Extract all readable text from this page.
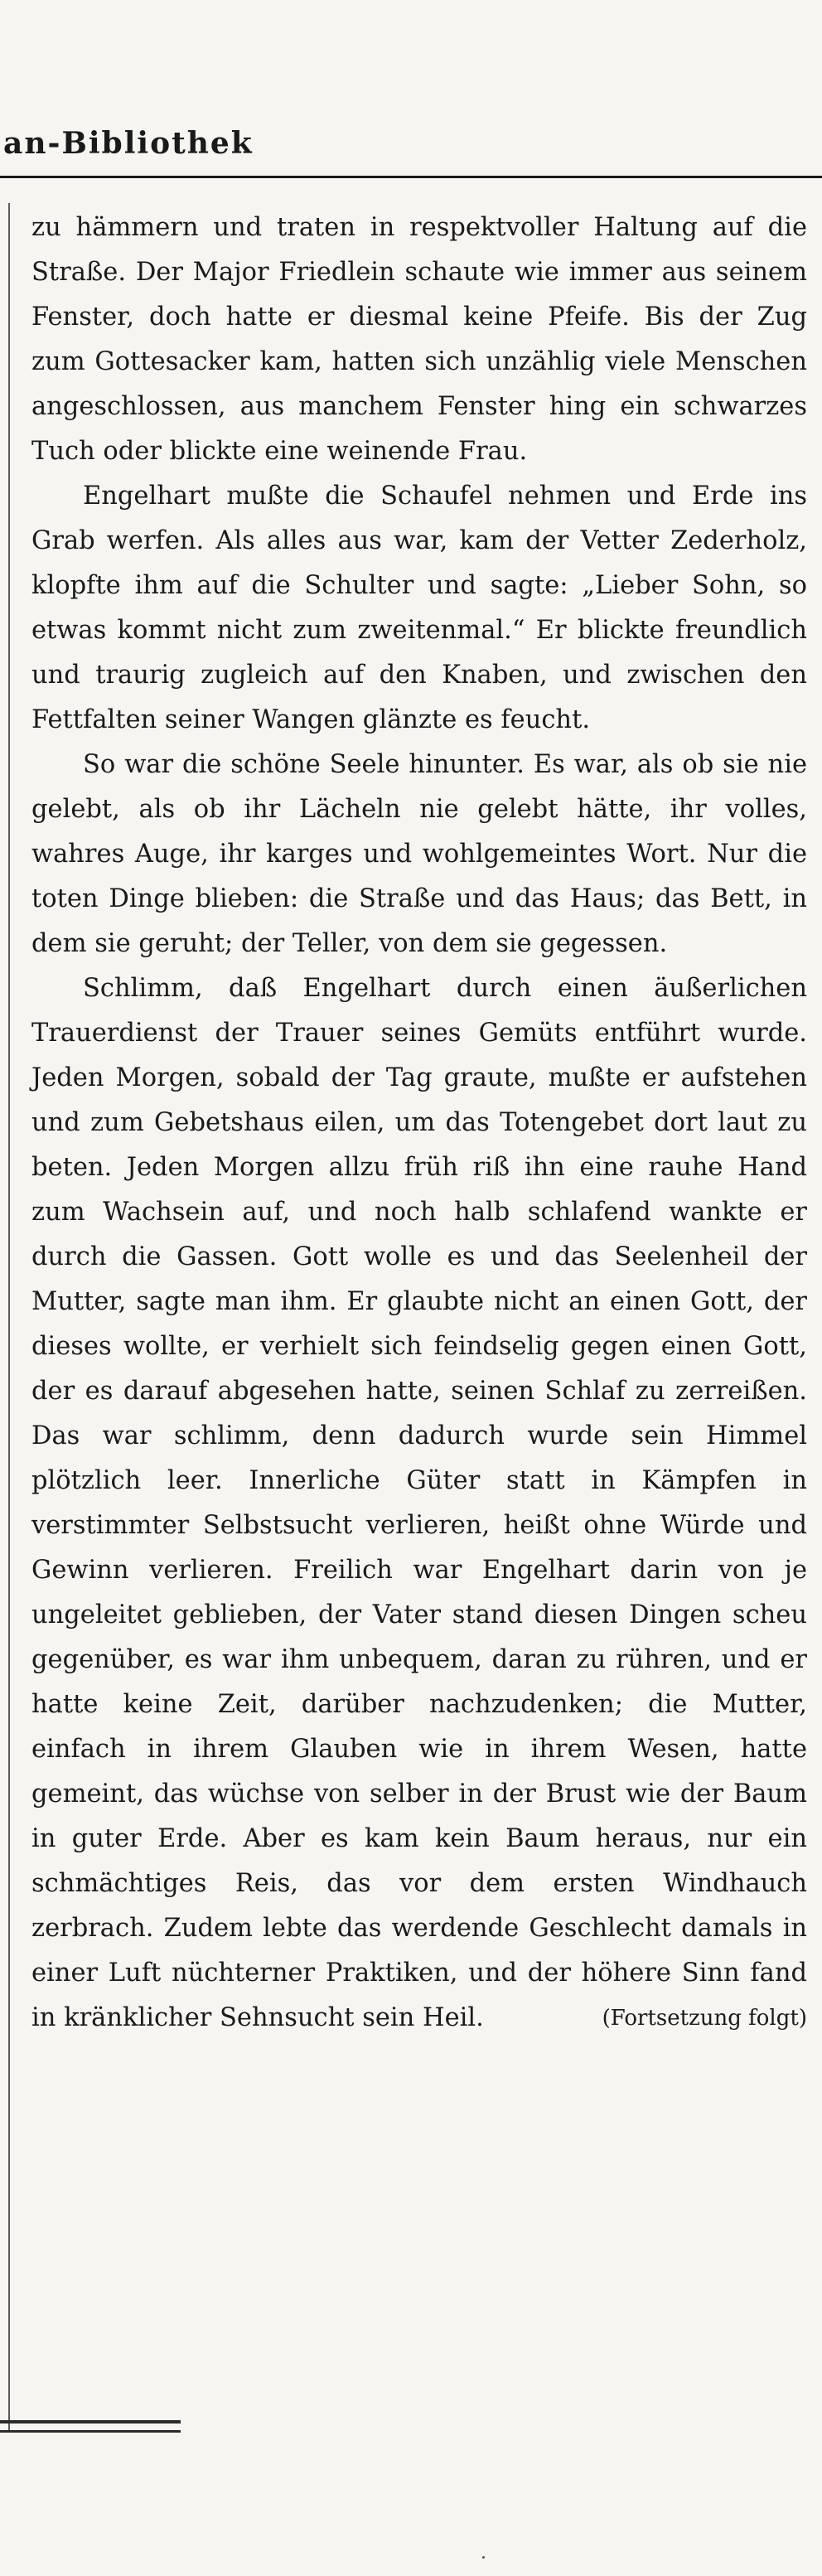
an-Bibliothek

zu hämmern und traten in respektvoller Haltung auf die Straße. Der Major Friedlein schaute wie immer aus seinem Fenster, doch hatte er diesmal keine Pfeife. Bis der Zug zum Gottesacker kam, hatten sich unzählig viele Menschen angeschlossen, aus manchem Fenster hing ein schwarzes Tuch oder blickte eine weinende Frau.

Engelhart mußte die Schaufel nehmen und Erde ins Grab werfen. Als alles aus war, kam der Vetter Zederholz, klopfte ihm auf die Schulter und sagte: „Lieber Sohn, so etwas kommt nicht zum zweitenmal.“ Er blickte freundlich und traurig zugleich auf den Knaben, und zwischen den Fettfalten seiner Wangen glänzte es feucht.

So war die schöne Seele hinunter. Es war, als ob sie nie gelebt, als ob ihr Lächeln nie gelebt hätte, ihr volles, wahres Auge, ihr karges und wohlgemeintes Wort. Nur die toten Dinge blieben: die Straße und das Haus; das Bett, in dem sie geruht; der Teller, von dem sie gegessen.

Schlimm, daß Engelhart durch einen äußerlichen Trauerdienst der Trauer seines Gemüts entführt wurde. Jeden Morgen, sobald der Tag graute, mußte er aufstehen und zum Gebetshaus eilen, um das Totengebet dort laut zu beten. Jeden Morgen allzu früh riß ihn eine rauhe Hand zum Wachsein auf, und noch halb schlafend wankte er durch die Gassen. Gott wolle es und das Seelenheil der Mutter, sagte man ihm. Er glaubte nicht an einen Gott, der dieses wollte, er verhielt sich feindselig gegen einen Gott, der es darauf abgesehen hatte, seinen Schlaf zu zerreißen. Das war schlimm, denn dadurch wurde sein Himmel plötzlich leer. Innerliche Güter statt in Kämpfen in verstimmter Selbstsucht verlieren, heißt ohne Würde und Gewinn verlieren. Freilich war Engelhart darin von je ungeleitet geblieben, der Vater stand diesen Dingen scheu gegenüber, es war ihm unbequem, daran zu rühren, und er hatte keine Zeit, darüber nachzudenken; die Mutter, einfach in ihrem Glauben wie in ihrem Wesen, hatte gemeint, das wüchse von selber in der Brust wie der Baum in guter Erde. Aber es kam kein Baum heraus, nur ein schmächtiges Reis, das vor dem ersten Windhauch zerbrach. Zudem lebte das werdende Geschlecht damals in einer Luft nüchterner Praktiken, und der höhere Sinn fand in kränklicher Sehnsucht sein Heil.	(Fortsetzung folgt)
